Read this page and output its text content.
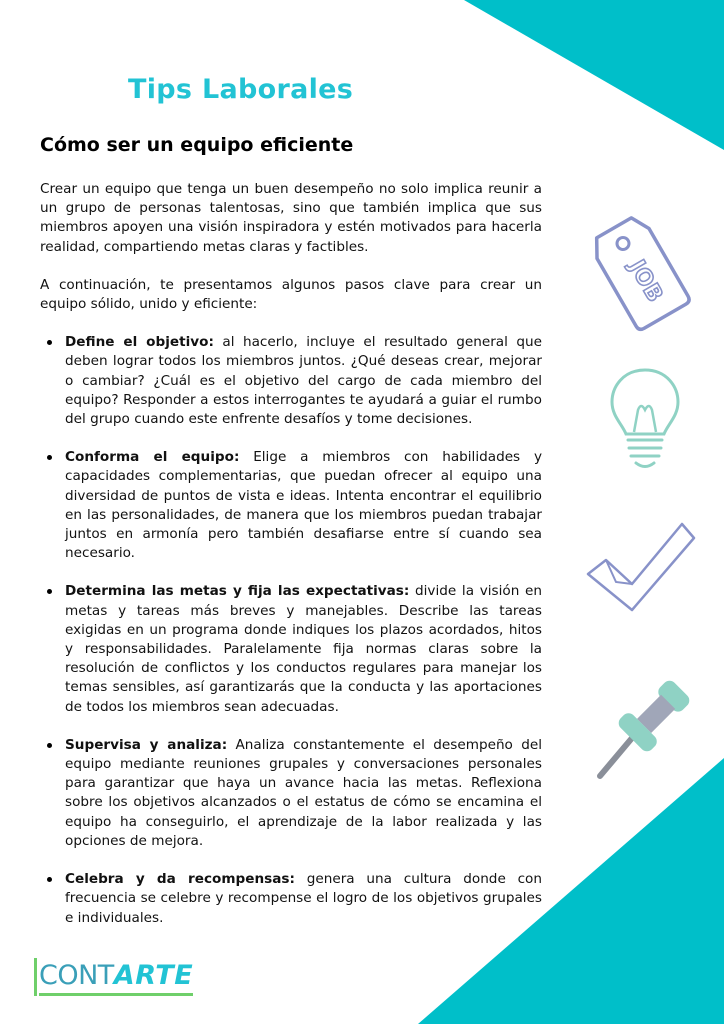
Tips Laborales
Cómo ser un equipo eficiente

Crear un equipo que tenga un buen desempeño no solo implica reunir a un grupo de personas talentosas, sino que también implica que sus miembros apoyen una visión inspiradora y estén motivados para hacerla realidad, compartiendo metas claras y factibles.

A continuación, te presentamos algunos pasos clave para crear un equipo sólido, unido y eficiente:

Define el objetivo: al hacerlo, incluye el resultado general que deben lograr todos los miembros juntos. ¿Qué deseas crear, mejorar o cambiar? ¿Cuál es el objetivo del cargo de cada miembro del equipo? Responder a estos interrogantes te ayudará a guiar el rumbo del grupo cuando este enfrente desafíos y tome decisiones.
Conforma el equipo: Elige a miembros con habilidades y capacidades complementarias, que puedan ofrecer al equipo una diversidad de puntos de vista e ideas. Intenta encontrar el equilibrio en las personalidades, de manera que los miembros puedan trabajar juntos en armonía pero también desafiarse entre sí cuando sea necesario.
Determina las metas y fija las expectativas: divide la visión en metas y tareas más breves y manejables. Describe las tareas exigidas en un programa donde indiques los plazos acordados, hitos y responsabilidades. Paralelamente fija normas claras sobre la resolución de conflictos y los conductos regulares para manejar los temas sensibles, así garantizarás que la conducta y las aportaciones de todos los miembros sean adecuadas.
Supervisa y analiza: Analiza constantemente el desempeño del equipo mediante reuniones grupales y conversaciones personales para garantizar que haya un avance hacia las metas. Reflexiona sobre los objetivos alcanzados o el estatus de cómo se encamina el equipo ha conseguirlo, el aprendizaje de la labor realizada y las opciones de mejora.
Celebra y da recompensas: genera una cultura donde con frecuencia se celebre y recompense el logro de los objetivos grupales e individuales.
JOB
CONTARTE
